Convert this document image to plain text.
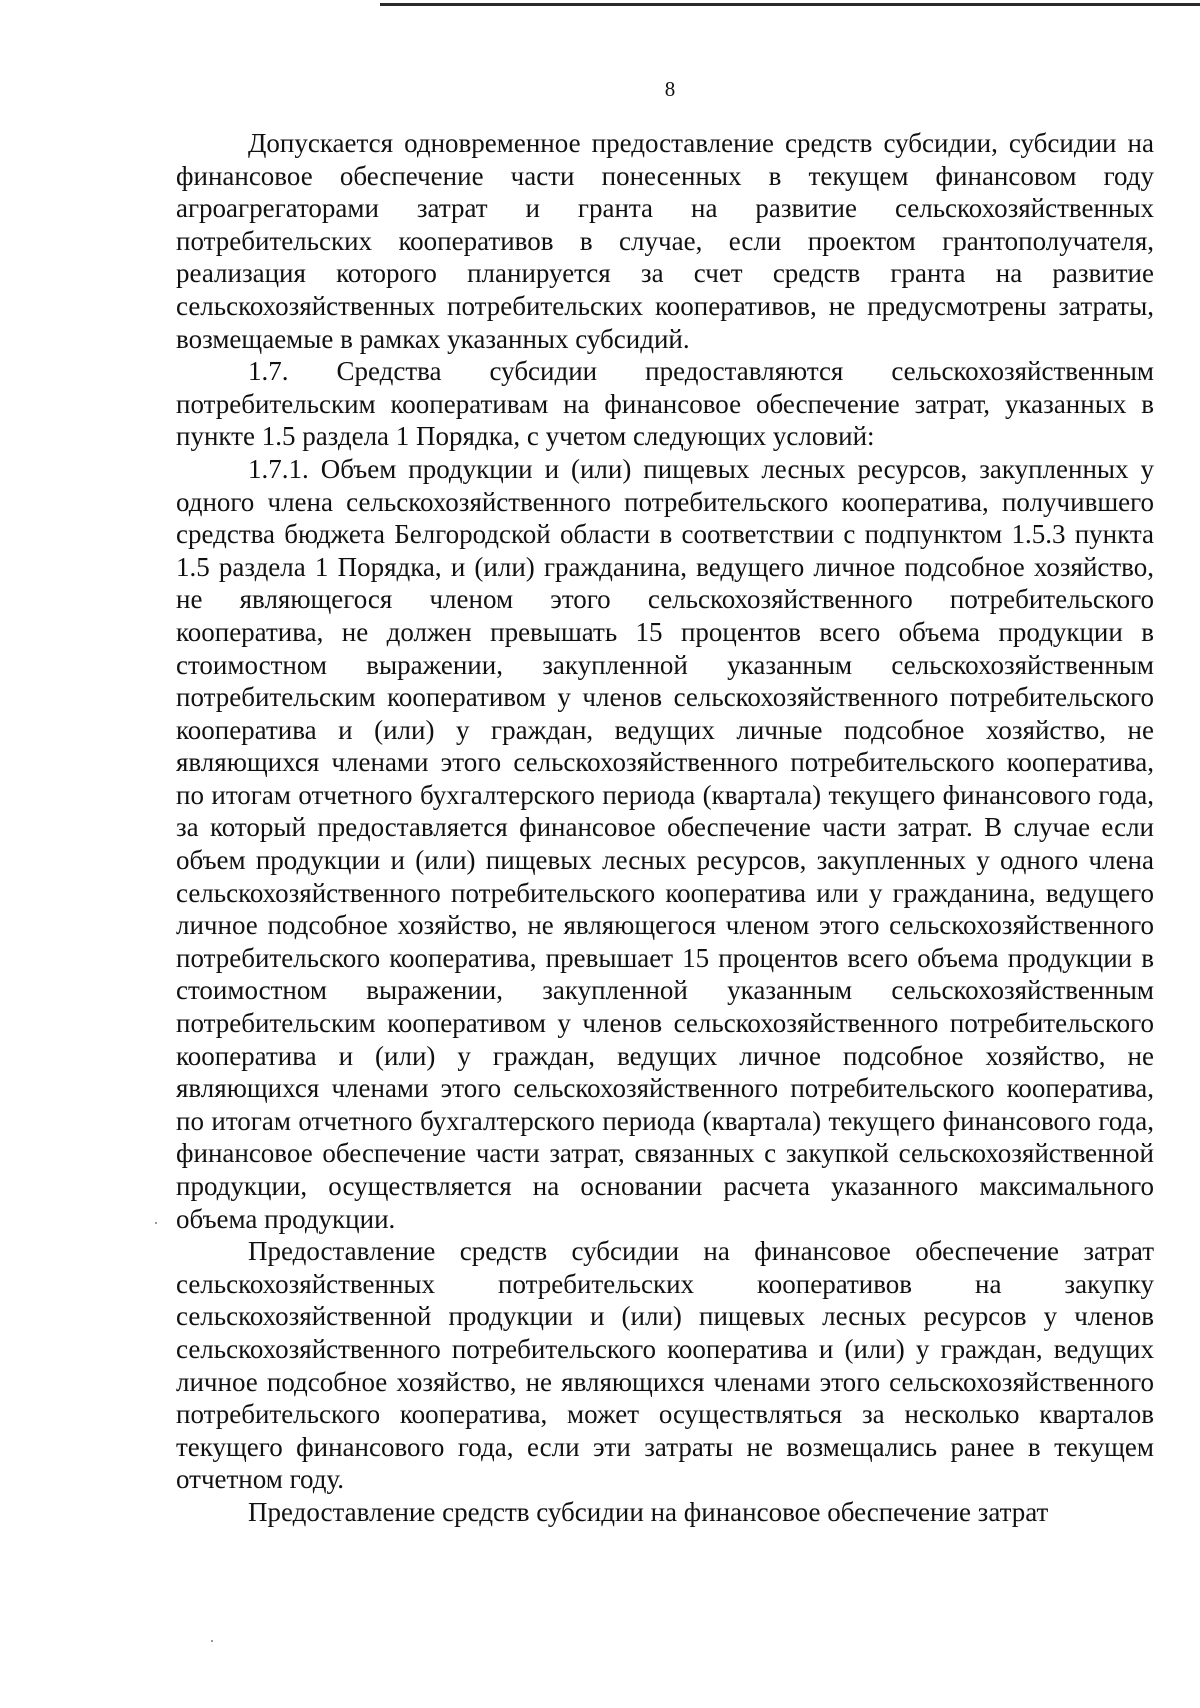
8

Допускается одновременное предоставление средств субсидии, субсидии на финансовое обеспечение части понесенных в текущем финансовом году агроагрегаторами затрат и гранта на развитие сельскохозяйственных потребительских кооперативов в случае, если проектом грантополучателя, реализация которого планируется за счет средств гранта на развитие сельскохозяйственных потребительских кооперативов, не предусмотрены затраты, возмещаемые в рамках указанных субсидий.

1.7. Средства субсидии предоставляются сельскохозяйственным потребительским кооперативам на финансовое обеспечение затрат, указанных в пункте 1.5 раздела 1 Порядка, с учетом следующих условий:

1.7.1. Объем продукции и (или) пищевых лесных ресурсов, закупленных у одного члена сельскохозяйственного потребительского кооператива, получившего средства бюджета Белгородской области в соответствии с подпунктом 1.5.3 пункта 1.5 раздела 1 Порядка, и (или) гражданина, ведущего личное подсобное хозяйство, не являющегося членом этого сельскохозяйственного потребительского кооператива, не должен превышать 15 процентов всего объема продукции в стоимостном выражении, закупленной указанным сельскохозяйственным потребительским кооперативом у членов сельскохозяйственного потребительского кооператива и (или) у граждан, ведущих личные подсобное хозяйство, не являющихся членами этого сельскохозяйственного потребительского кооператива, по итогам отчетного бухгалтерского периода (квартала) текущего финансового года, за который предоставляется финансовое обеспечение части затрат. В случае если объем продукции и (или) пищевых лесных ресурсов, закупленных у одного члена сельскохозяйственного потребительского кооператива или у гражданина, ведущего личное подсобное хозяйство, не являющегося членом этого сельскохозяйственного потребительского кооператива, превышает 15 процентов всего объема продукции в стоимостном выражении, закупленной указанным сельскохозяйственным потребительским кооперативом у членов сельскохозяйственного потребительского кооператива и (или) у граждан, ведущих личное подсобное хозяйство, не являющихся членами этого сельскохозяйственного потребительского кооператива, по итогам отчетного бухгалтерского периода (квартала) текущего финансового года, финансовое обеспечение части затрат, связанных с закупкой сельскохозяйственной продукции, осуществляется на основании расчета указанного максимального объема продукции.

Предоставление средств субсидии на финансовое обеспечение затрат сельскохозяйственных потребительских кооперативов на закупку сельскохозяйственной продукции и (или) пищевых лесных ресурсов у членов сельскохозяйственного потребительского кооператива и (или) у граждан, ведущих личное подсобное хозяйство, не являющихся членами этого сельскохозяйственного потребительского кооператива, может осуществляться за несколько кварталов текущего финансового года, если эти затраты не возмещались ранее в текущем отчетном году.

Предоставление средств субсидии на финансовое обеспечение затрат
